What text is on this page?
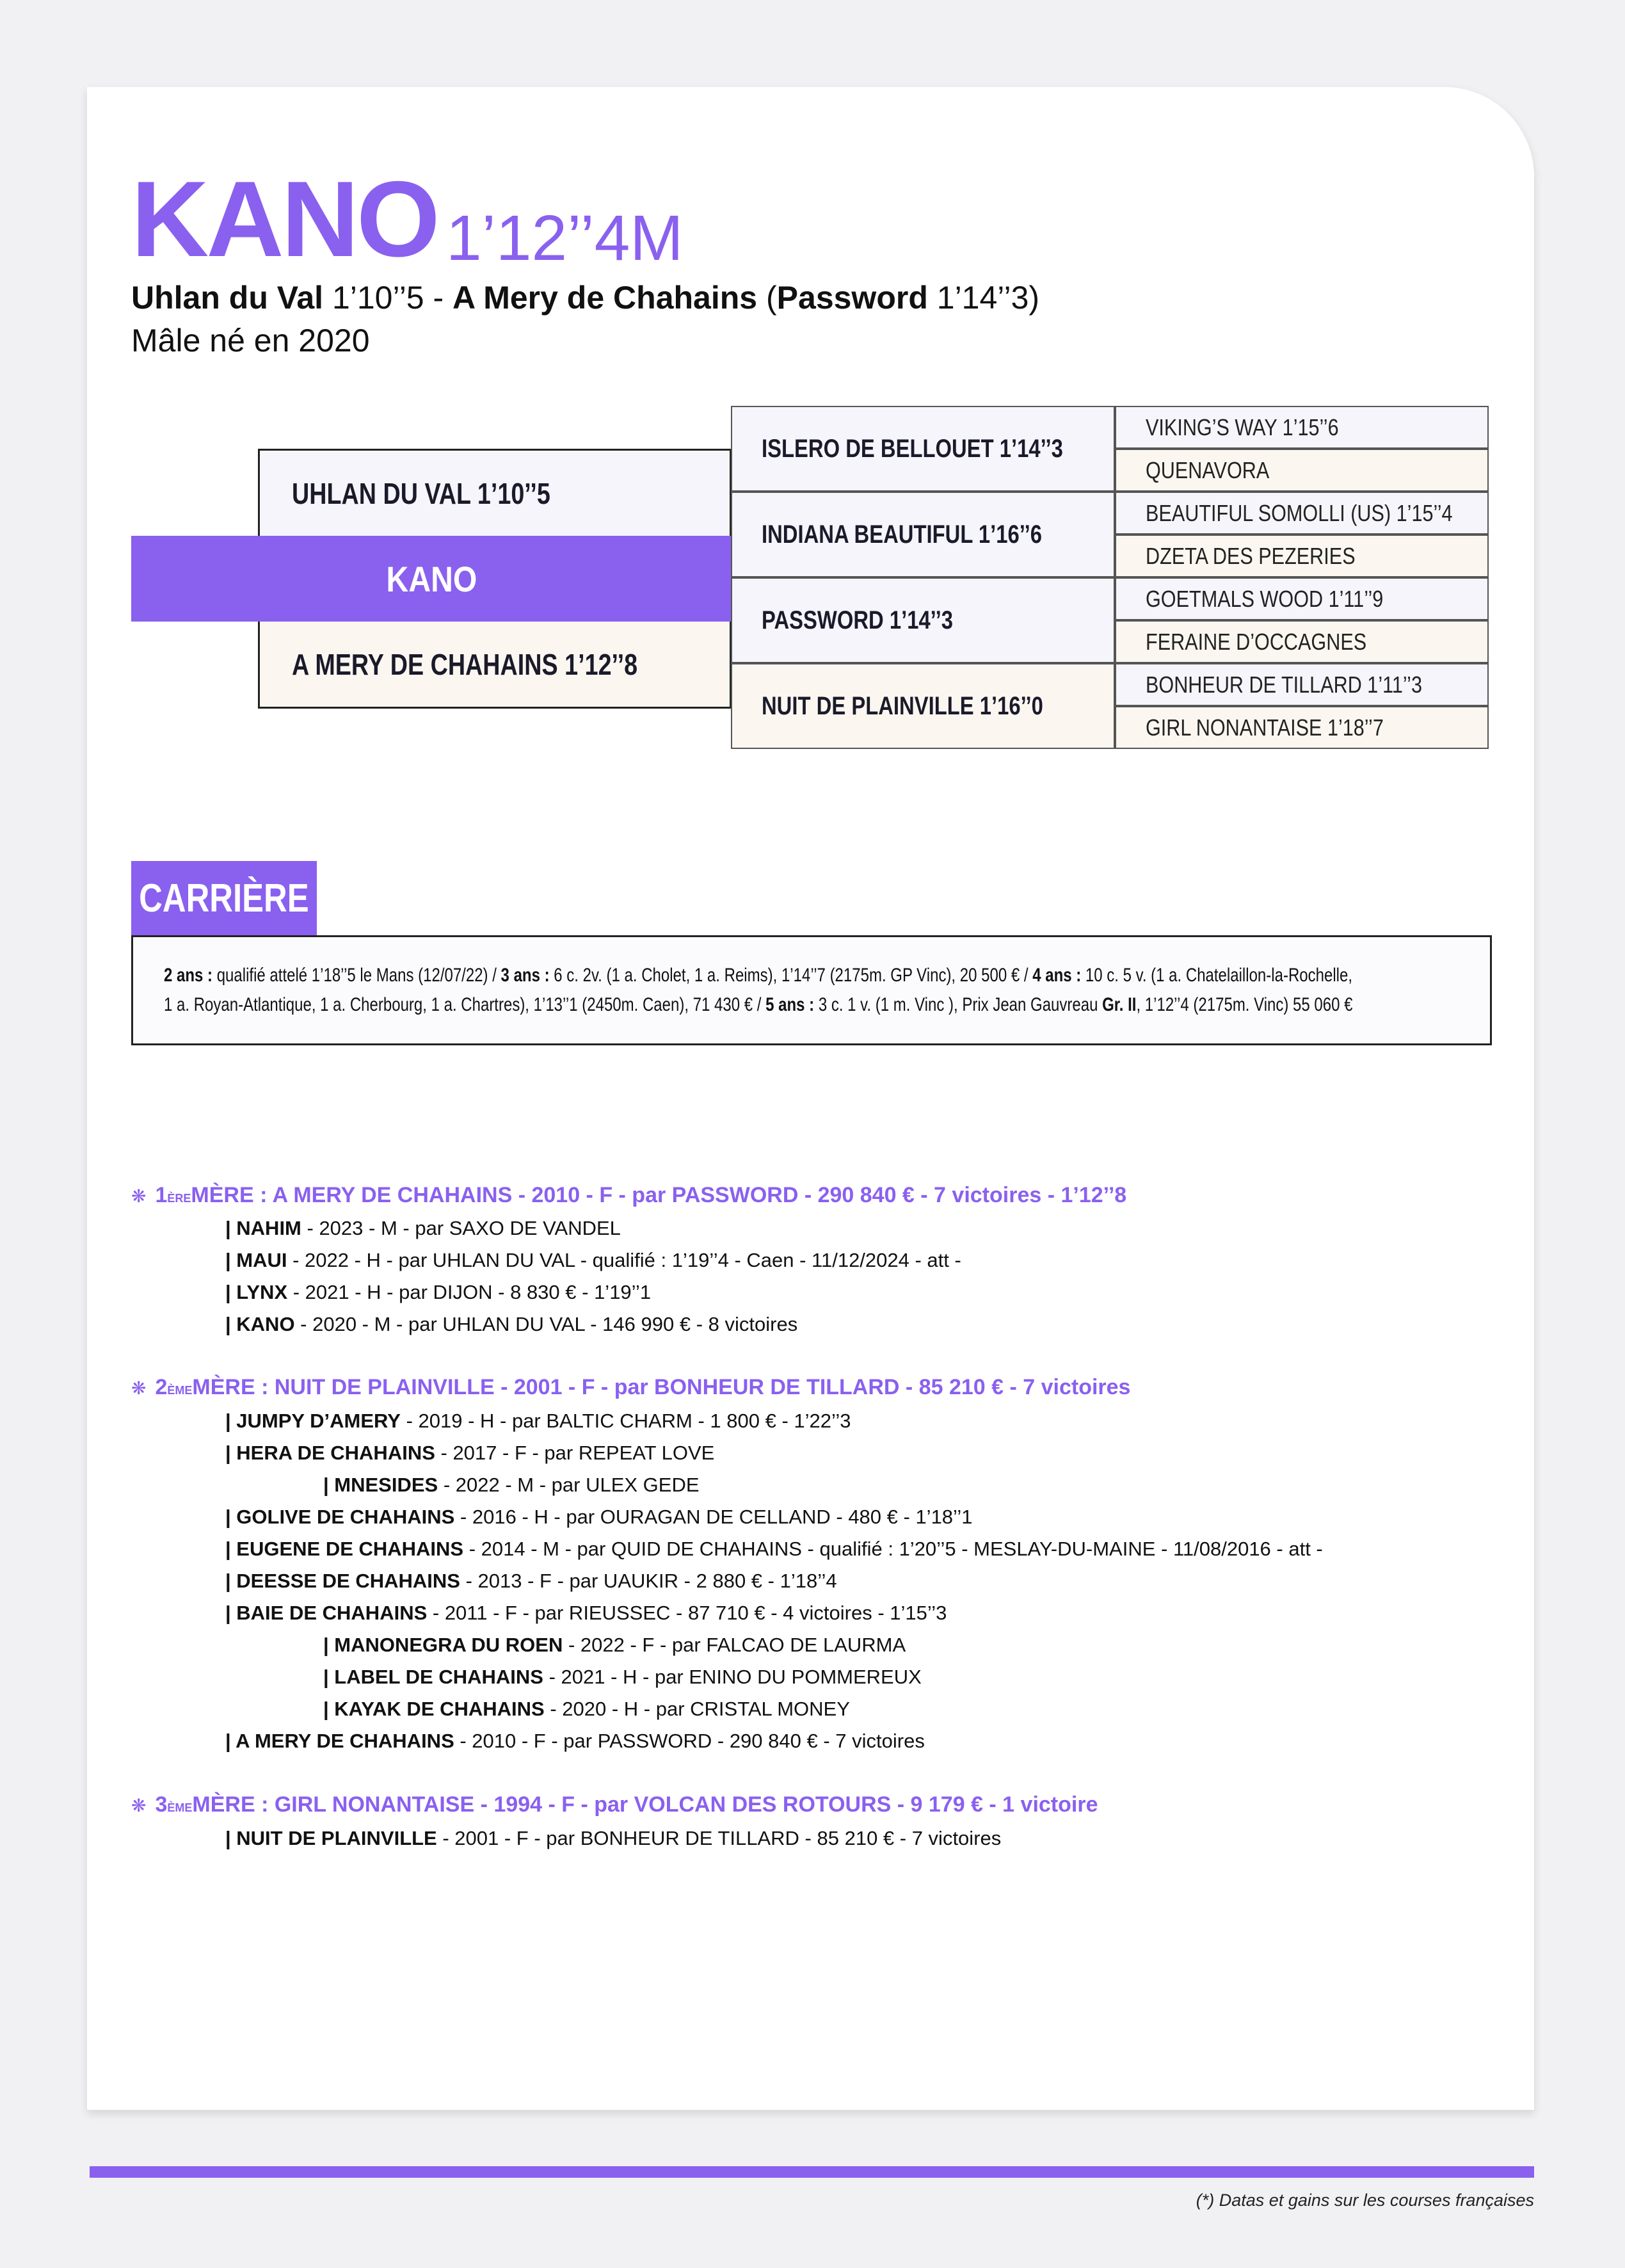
KANO 1’12’’4M
Uhlan du Val 1’10’’5 - A Mery de Chahains (Password 1’14’’3)
Mâle né en 2020
UHLAN DU VAL 1’10’’5
KANO
A MERY DE CHAHAINS 1’12’’8
ISLERO DE BELLOUET 1’14’’3
INDIANA BEAUTIFUL 1’16’’6
PASSWORD 1’14’’3
NUIT DE PLAINVILLE 1’16’’0
VIKING’S WAY 1’15’’6
QUENAVORA
BEAUTIFUL SOMOLLI (US) 1’15’’4
DZETA DES PEZERIES
GOETMALS WOOD 1’11’’9
FERAINE D’OCCAGNES
BONHEUR DE TILLARD 1’11’’3
GIRL NONANTAISE 1’18’’7
CARRIÈRE
2 ans : qualifié attelé 1’18’’5 le Mans (12/07/22) / 3 ans : 6 c. 2v. (1 a. Cholet, 1 a. Reims), 1’14’’7 (2175m. GP Vinc), 20 500 € / 4 ans : 10 c. 5 v. (1 a. Chatelaillon-la-Rochelle,
1 a. Royan-Atlantique, 1 a. Cherbourg, 1 a. Chartres), 1’13’’1 (2450m. Caen), 71 430 € / 5 ans : 3 c. 1 v. (1 m. Vinc ), Prix Jean Gauvreau Gr. II, 1’12’’4 (2175m. Vinc) 55 060 €
❋ 1 ÈRE MÈRE : A MERY DE CHAHAINS - 2010 - F - par PASSWORD - 290 840 € - 7 victoires - 1’12’’8
| NAHIM - 2023 - M - par SAXO DE VANDEL
| MAUI - 2022 - H - par UHLAN DU VAL - qualifié : 1’19’’4 - Caen - 11/12/2024 - att -
| LYNX - 2021 - H - par DIJON - 8 830 € - 1’19’’1
| KANO - 2020 - M - par UHLAN DU VAL - 146 990 € - 8 victoires
❋ 2 ÈME MÈRE : NUIT DE PLAINVILLE - 2001 - F - par BONHEUR DE TILLARD - 85 210 € - 7 victoires
| JUMPY D’AMERY - 2019 - H - par BALTIC CHARM - 1 800 € - 1’22’’3
| HERA DE CHAHAINS - 2017 - F - par REPEAT LOVE
| MNESIDES - 2022 - M - par ULEX GEDE
| GOLIVE DE CHAHAINS - 2016 - H - par OURAGAN DE CELLAND - 480 € - 1’18’’1
| EUGENE DE CHAHAINS - 2014 - M - par QUID DE CHAHAINS - qualifié : 1’20’’5 - MESLAY-DU-MAINE - 11/08/2016 - att -
| DEESSE DE CHAHAINS - 2013 - F - par UAUKIR - 2 880 € - 1’18’’4
| BAIE DE CHAHAINS - 2011 - F - par RIEUSSEC - 87 710 € - 4 victoires - 1’15’’3
| MANONEGRA DU ROEN - 2022 - F - par FALCAO DE LAURMA
| LABEL DE CHAHAINS - 2021 - H - par ENINO DU POMMEREUX
| KAYAK DE CHAHAINS - 2020 - H - par CRISTAL MONEY
| A MERY DE CHAHAINS - 2010 - F - par PASSWORD - 290 840 € - 7 victoires
❋ 3 ÈME MÈRE : GIRL NONANTAISE - 1994 - F - par VOLCAN DES ROTOURS - 9 179 € - 1 victoire
| NUIT DE PLAINVILLE - 2001 - F - par BONHEUR DE TILLARD - 85 210 € - 7 victoires
(*) Datas et gains sur les courses françaises
